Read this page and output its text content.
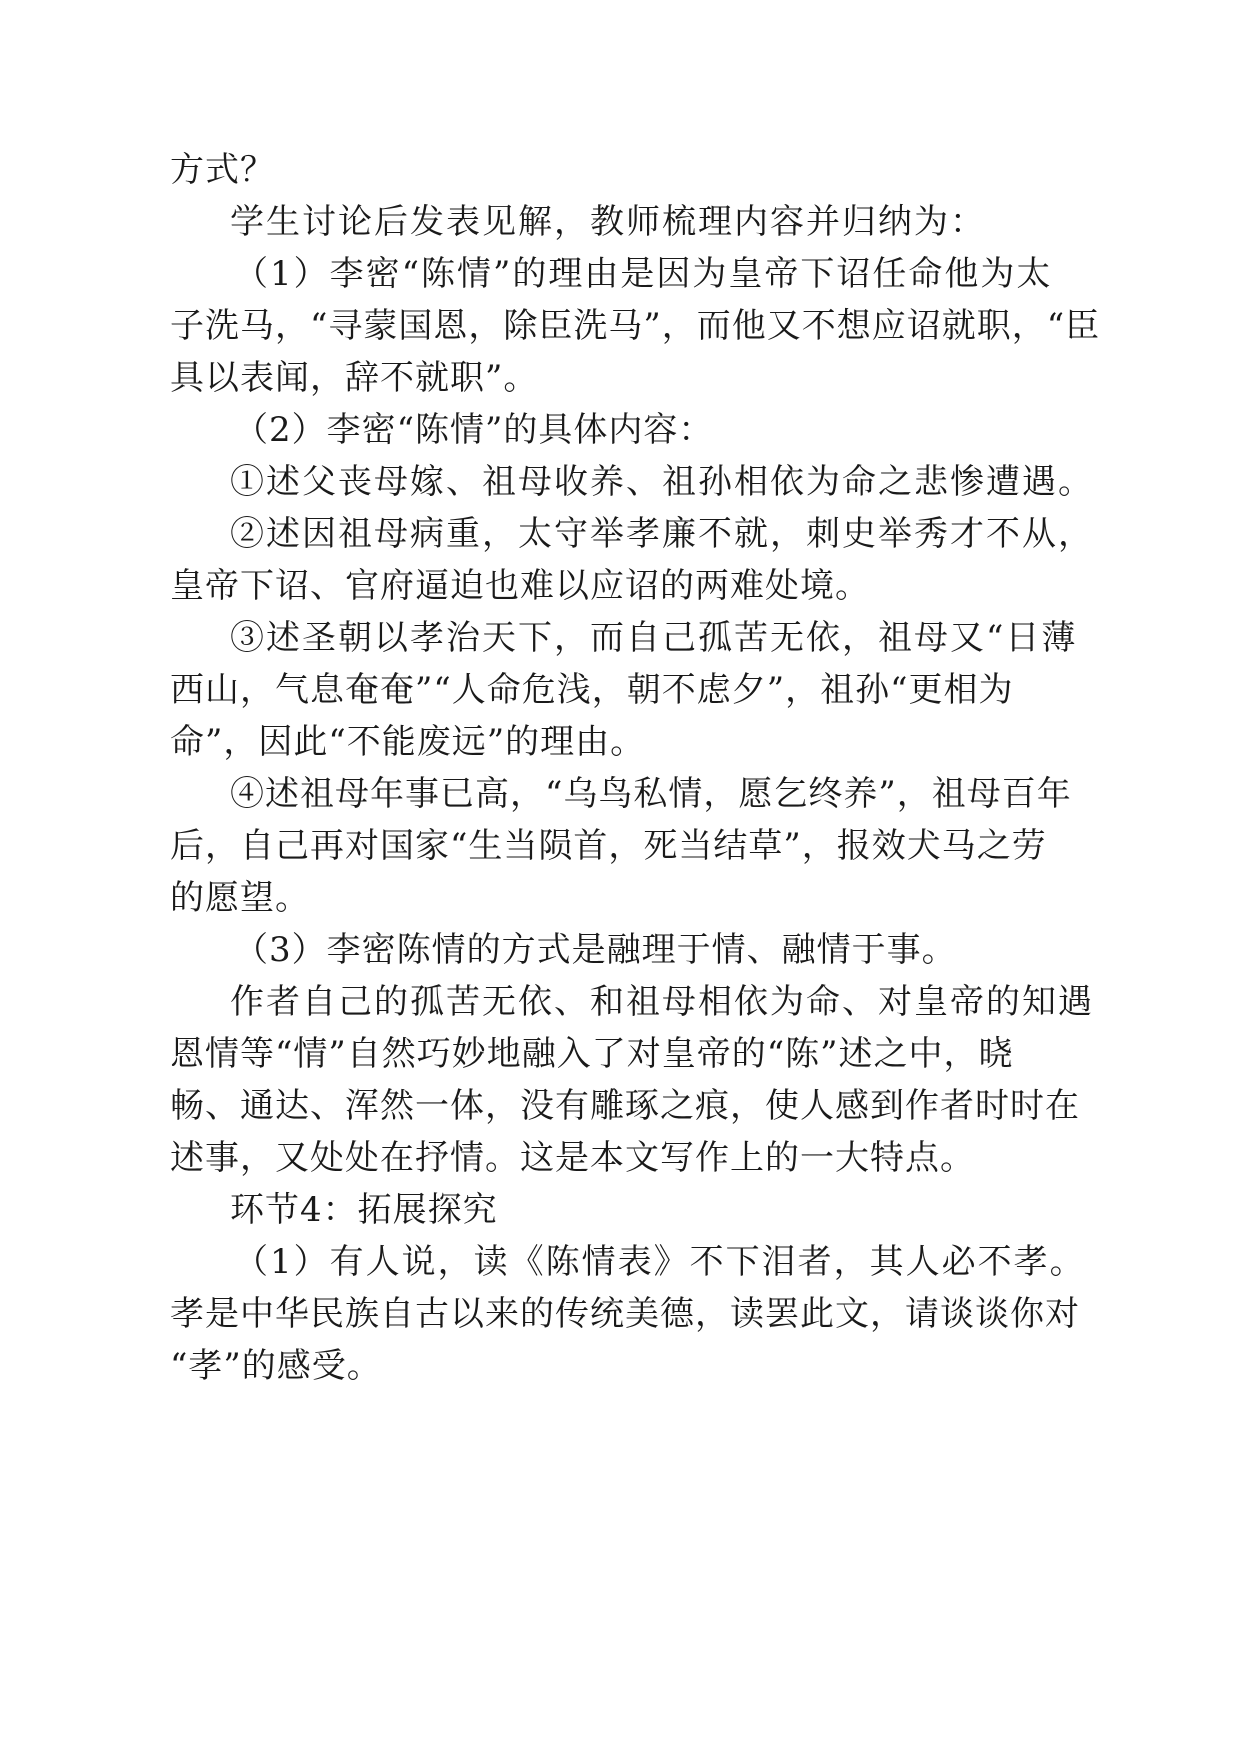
方式？
学生讨论后发表见解，教师梳理内容并归纳为：
（1）李密“陈情”的理由是因为皇帝下诏任命他为太
子洗马，“寻蒙国恩，除臣洗马”，而他又不想应诏就职，“臣
具以表闻，辞不就职”。
（2）李密“陈情”的具体内容：
①述父丧母嫁、祖母收养、祖孙相依为命之悲惨遭遇。
②述因祖母病重，太守举孝廉不就，刺史举秀才不从，
皇帝下诏、官府逼迫也难以应诏的两难处境。
③述圣朝以孝治天下，而自己孤苦无依，祖母又“日薄
西山，气息奄奄”“人命危浅，朝不虑夕”，祖孙“更相为
命”，因此“不能废远”的理由。
④述祖母年事已高，“乌鸟私情，愿乞终养”，祖母百年
后，自己再对国家“生当陨首，死当结草”，报效犬马之劳
的愿望。
（3）李密陈情的方式是融理于情、融情于事。
作者自己的孤苦无依、和祖母相依为命、对皇帝的知遇
恩情等“情”自然巧妙地融入了对皇帝的“陈”述之中，晓
畅、通达、浑然一体，没有雕琢之痕，使人感到作者时时在
述事，又处处在抒情。这是本文写作上的一大特点。
环节4：拓展探究
（1）有人说，读《陈情表》不下泪者，其人必不孝。
孝是中华民族自古以来的传统美德，读罢此文，请谈谈你对
“孝”的感受。
